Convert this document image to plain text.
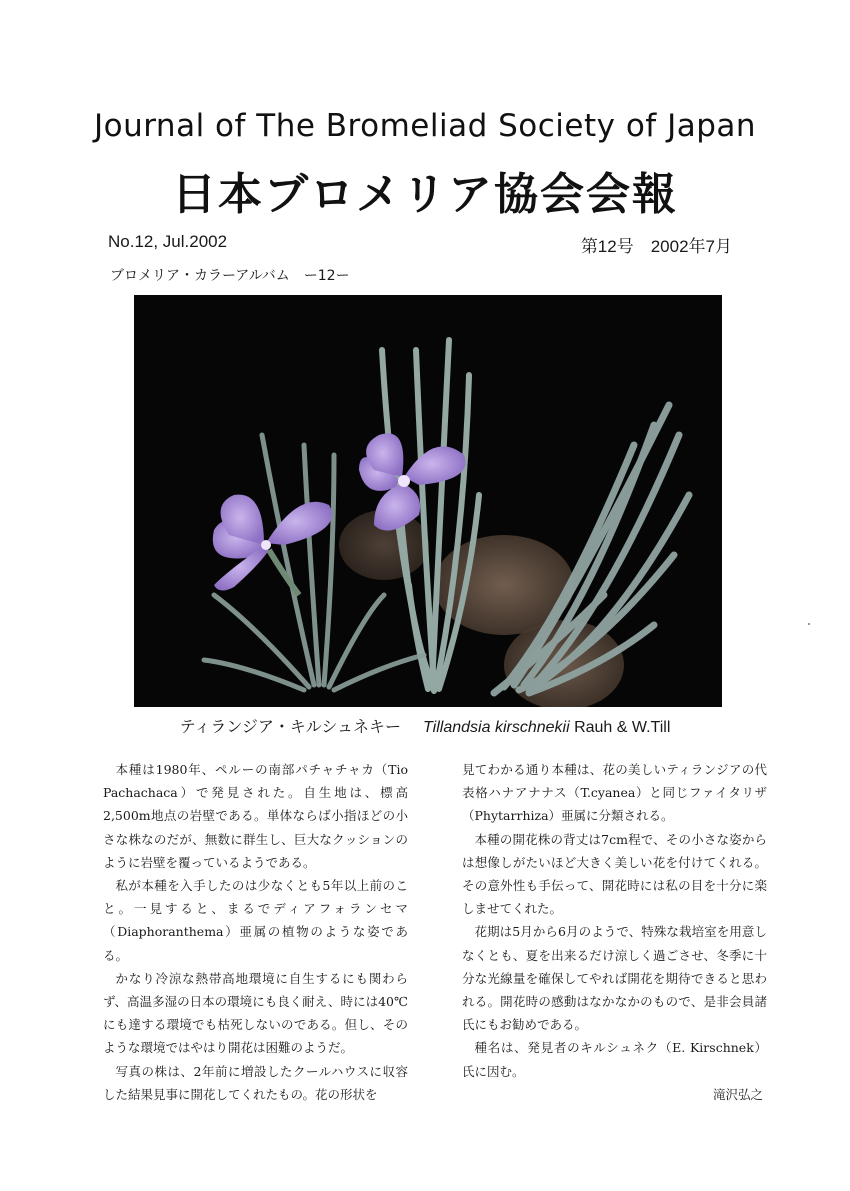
Journal of The Bromeliad Society of Japan
日本ブロメリア協会会報
No.12, Jul.2002	第12号　2002年7月
ブロメリア・カラーアルバム　ー12ー
ティランジア・キルシュネキー Tillandsia kirschnekii Rauh & W.Till

本種は1980年、ペルーの南部パチャチャカ（Tio Pachachaca）で発見された。自生地は、標高2,500m地点の岩壁である。単体ならば小指ほどの小さな株なのだが、無数に群生し、巨大なクッションのように岩壁を覆っているようである。

私が本種を入手したのは少なくとも5年以上前のこと。一見すると、まるでディアフォランセマ（Diaphoranthema）亜属の植物のような姿である。

かなり冷涼な熱帯高地環境に自生するにも関わらず、高温多湿の日本の環境にも良く耐え、時には40℃にも達する環境でも枯死しないのである。但し、そのような環境ではやはり開花は困難のようだ。

写真の株は、2年前に増設したクールハウスに収容した結果見事に開花してくれたもの。花の形状を

見てわかる通り本種は、花の美しいティランジアの代表格ハナアナナス（T.cyanea）と同じファイタリザ（Phytarrhiza）亜属に分類される。

本種の開花株の背丈は7cm程で、その小さな姿からは想像しがたいほど大きく美しい花を付けてくれる。その意外性も手伝って、開花時には私の目を十分に楽しませてくれた。

花期は5月から6月のようで、特殊な栽培室を用意しなくとも、夏を出来るだけ涼しく過ごさせ、冬季に十分な光線量を確保してやれば開花を期待できると思われる。開花時の感動はなかなかのもので、是非会員諸氏にもお勧めである。

種名は、発見者のキルシュネク（E. Kirschnek）氏に因む。

滝沢弘之
